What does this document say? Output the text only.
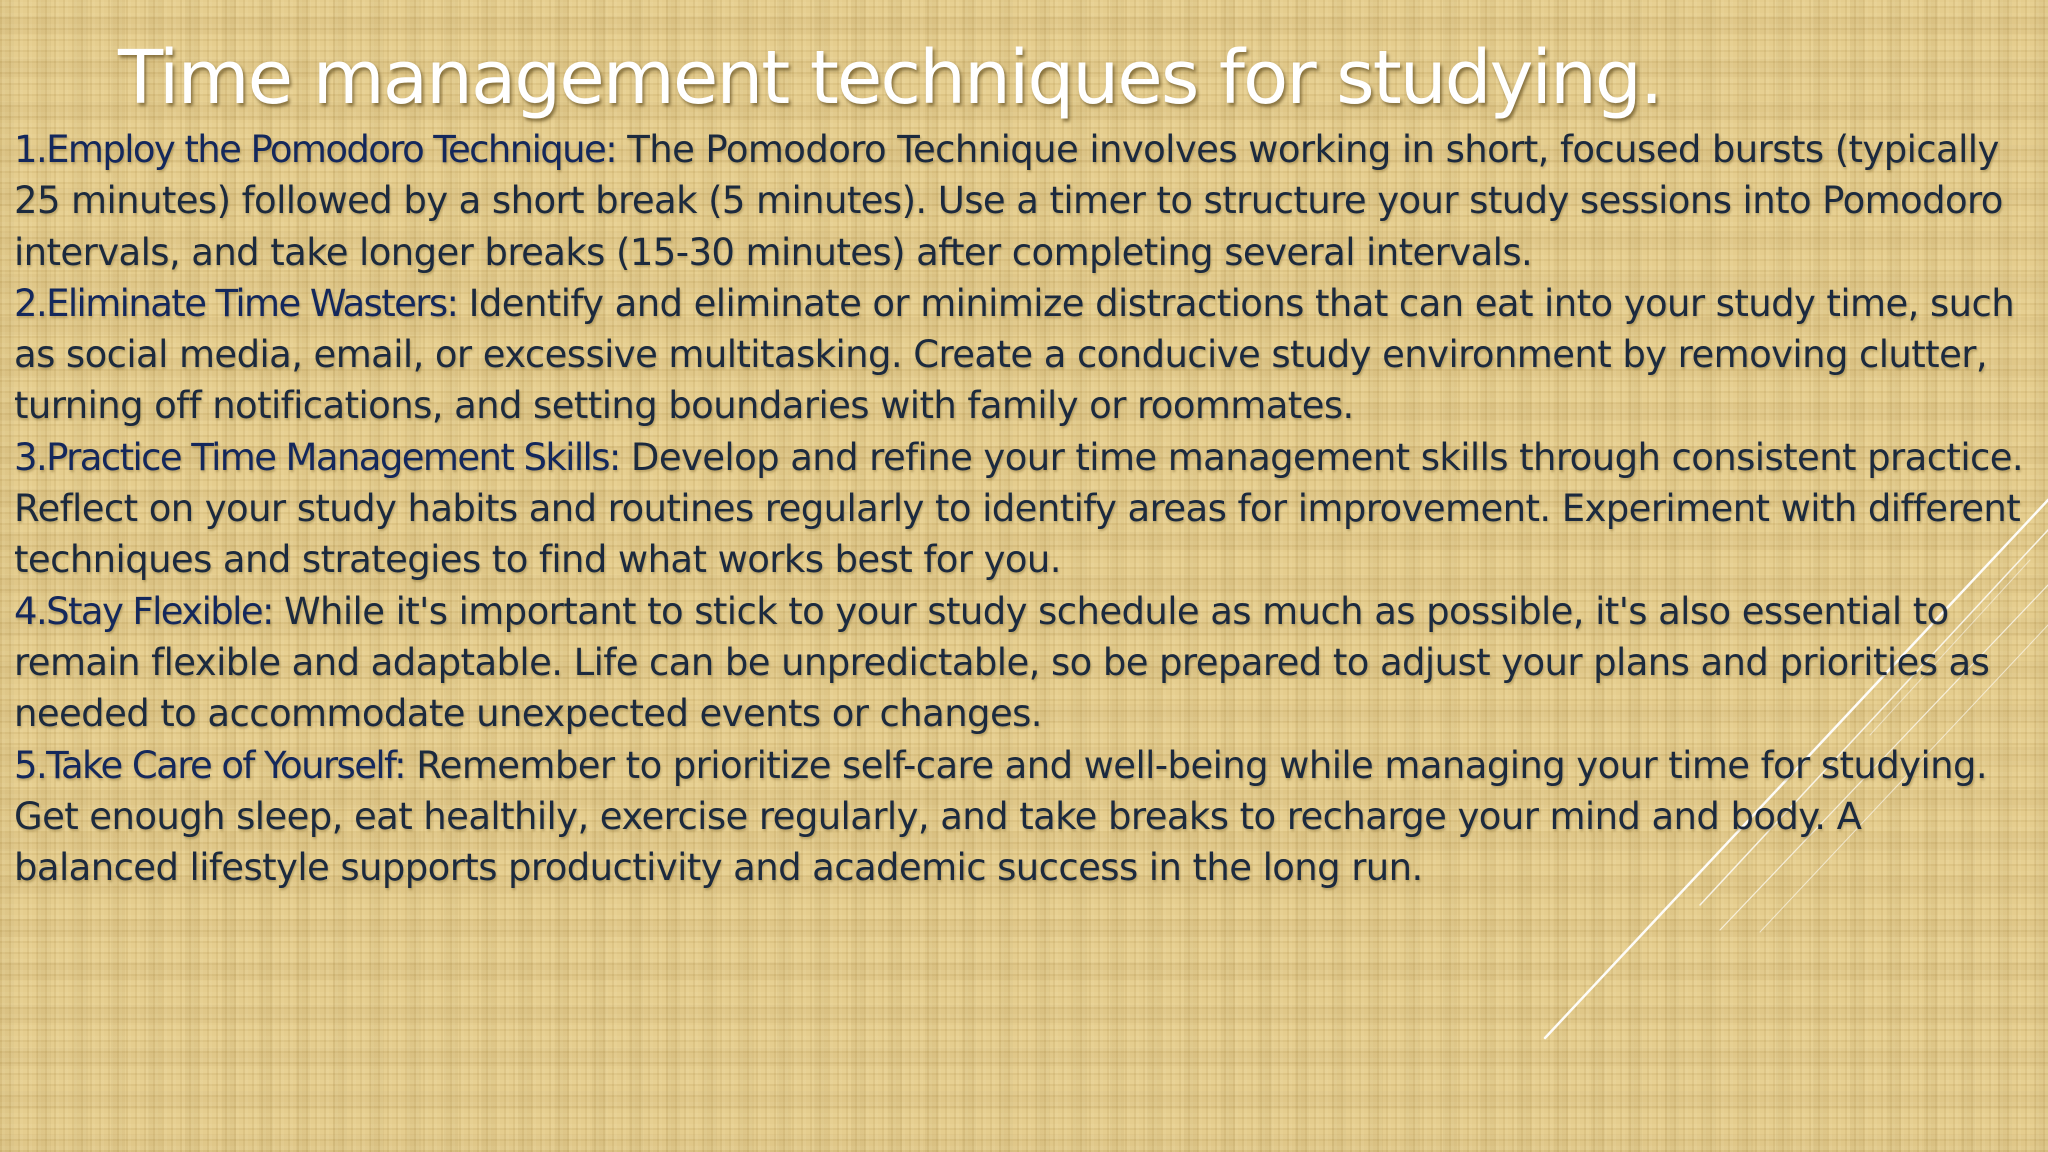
Time management techniques for studying.

1.Employ the Pomodoro Technique: The Pomodoro Technique involves working in short, focused bursts (typically 25 minutes) followed by a short break (5 minutes). Use a timer to structure your study sessions into Pomodoro intervals, and take longer breaks (15-30 minutes) after completing several intervals.

2.Eliminate Time Wasters: Identify and eliminate or minimize distractions that can eat into your study time, such as social media, email, or excessive multitasking. Create a conducive study environment by removing clutter, turning off notifications, and setting boundaries with family or roommates.

3.Practice Time Management Skills: Develop and refine your time management skills through consistent practice. Reflect on your study habits and routines regularly to identify areas for improvement. Experiment with different techniques and strategies to find what works best for you.

4.Stay Flexible: While it's important to stick to your study schedule as much as possible, it's also essential to remain flexible and adaptable. Life can be unpredictable, so be prepared to adjust your plans and priorities as needed to accommodate unexpected events or changes.

5.Take Care of Yourself: Remember to prioritize self-care and well-being while managing your time for studying. Get enough sleep, eat healthily, exercise regularly, and take breaks to recharge your mind and body. A balanced lifestyle supports productivity and academic success in the long run.
